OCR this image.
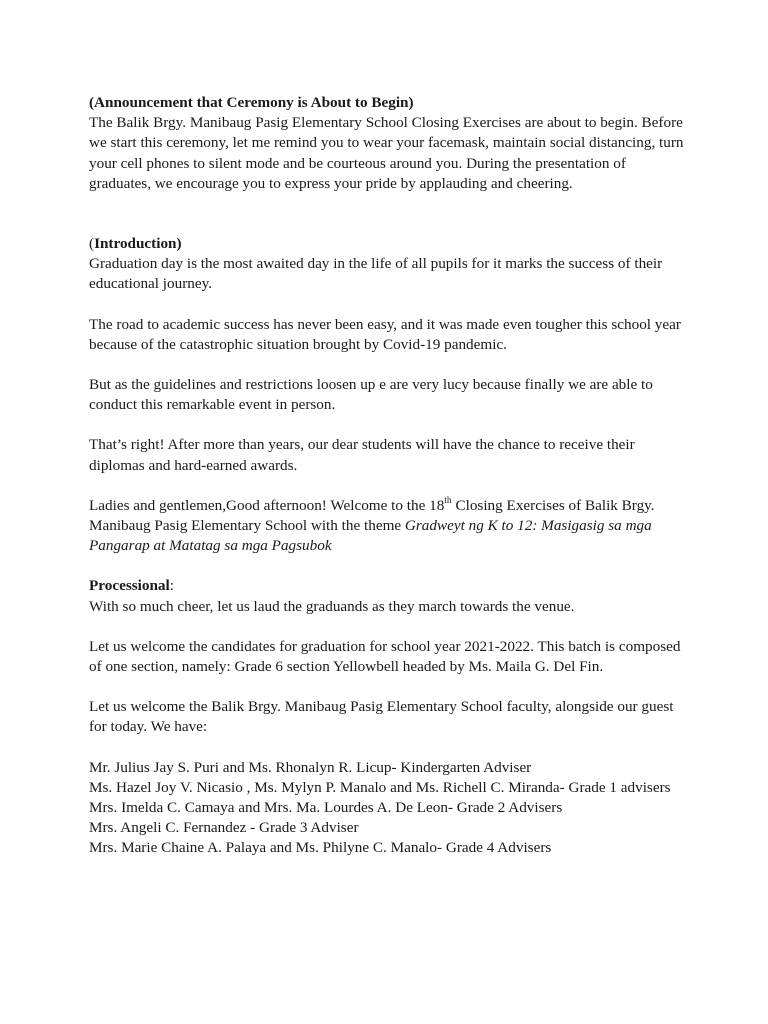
(Announcement that Ceremony is About to Begin)

The Balik Brgy. Manibaug Pasig Elementary School Closing Exercises are about to begin. Before we start this ceremony, let me remind you to wear your facemask, maintain social distancing, turn your cell phones to silent mode and be courteous around you. During the presentation of graduates, we encourage you to express your pride by applauding and cheering.

(Introduction)

Graduation day is the most awaited day in the life of all pupils for it marks the success of their educational journey.

The road to academic success has never been easy, and it was made even tougher this school year because of the catastrophic situation brought by Covid-19 pandemic.

But as the guidelines and restrictions loosen up e are very lucy because finally we are able to conduct this remarkable event in person.

That’s right! After more than years, our dear students will have the chance to receive their diplomas and hard-earned awards.

Ladies and gentlemen,Good afternoon! Welcome to the 18th Closing Exercises of Balik Brgy. Manibaug Pasig Elementary School with the theme Gradweyt ng K to 12: Masigasig sa mga Pangarap at Matatag sa mga Pagsubok

Processional:

With so much cheer, let us laud the graduands as they march towards the venue.

Let us welcome the candidates for graduation for school year 2021-2022. This batch is composed of one section, namely: Grade 6 section Yellowbell headed by Ms. Maila G. Del Fin.

Let us welcome the Balik Brgy. Manibaug Pasig Elementary School faculty, alongside our guest for today. We have:

Mr. Julius Jay S. Puri and Ms. Rhonalyn R. Licup- Kindergarten Adviser

Ms. Hazel Joy V. Nicasio , Ms. Mylyn P. Manalo and Ms. Richell C. Miranda- Grade 1 advisers

Mrs. Imelda C. Camaya and Mrs. Ma. Lourdes A. De Leon- Grade 2 Advisers

Mrs. Angeli C. Fernandez - Grade 3 Adviser

Mrs. Marie Chaine A. Palaya and Ms. Philyne C. Manalo- Grade 4 Advisers
